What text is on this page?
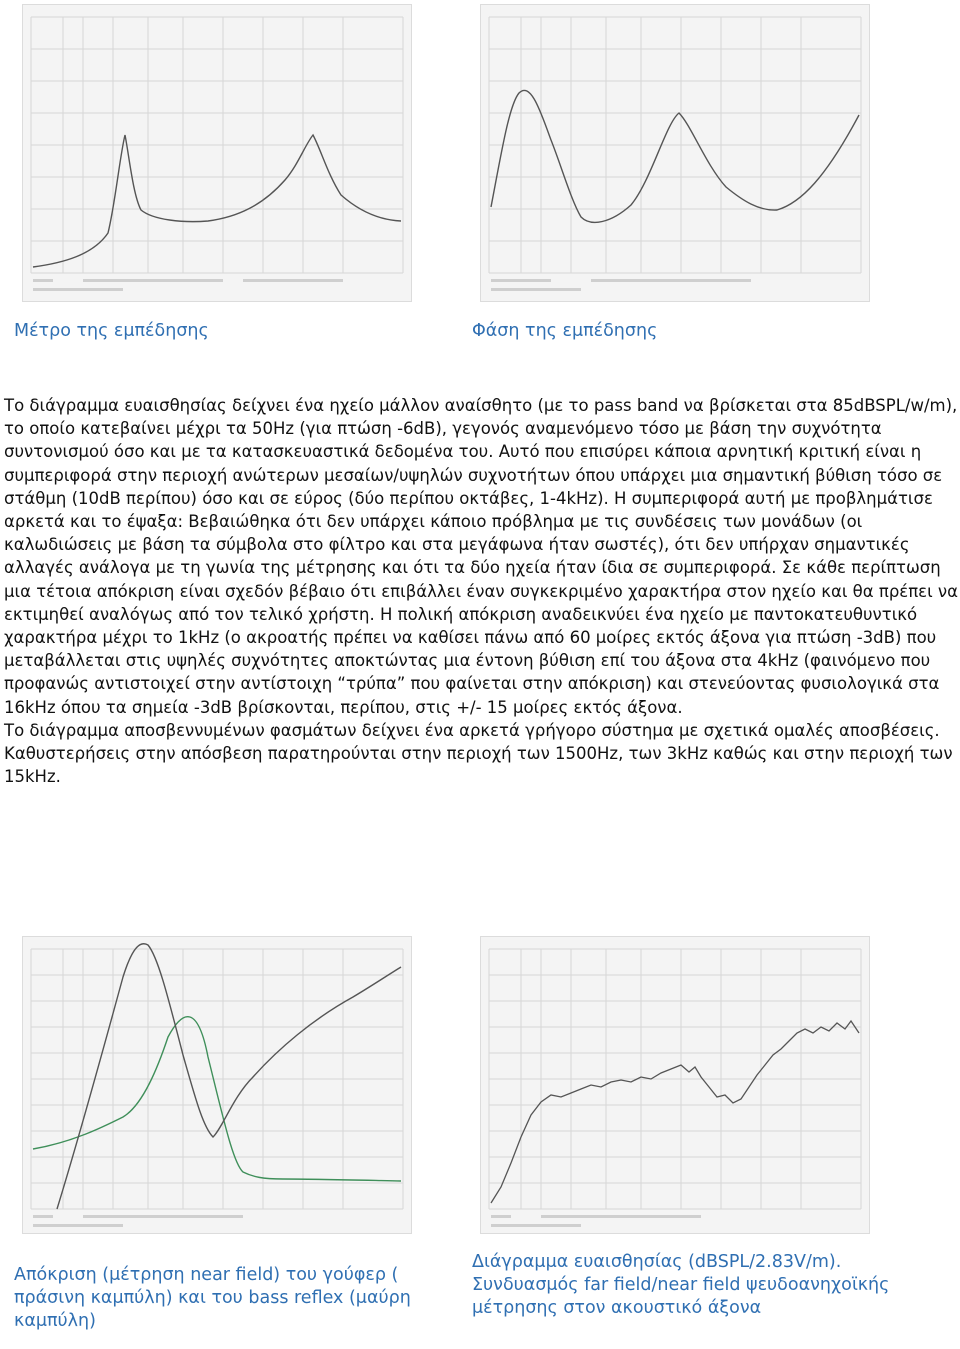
Μέτρο της εμπέδησης	Φάση της εμπέδησης

Το διάγραμμα ευαισθησίας δείχνει ένα ηχείο μάλλον αναίσθητο (με το pass band να βρίσκεται στα 85dBSPL/w/m), το οποίο κατεβαίνει μέχρι τα 50Hz (για πτώση -6dB), γεγονός αναμενόμενο τόσο με βάση την συχνότητα συντονισμού όσο και με τα κατασκευαστικά δεδομένα του. Αυτό που επισύρει κάποια αρνητική κριτική είναι η συμπεριφορά στην περιοχή ανώτερων μεσαίων/υψηλών συχνοτήτων όπου υπάρχει μια σημαντική βύθιση τόσο σε στάθμη (10dB περίπου) όσο και σε εύρος (δύο περίπου οκτάβες, 1-4kHz). Η συμπεριφορά αυτή με προβλημάτισε αρκετά και το έψαξα: Βεβαιώθηκα ότι δεν υπάρχει κάποιο πρόβλημα με τις συνδέσεις των μονάδων (οι καλωδιώσεις με βάση τα σύμβολα στο φίλτρο και στα μεγάφωνα ήταν σωστές), ότι δεν υπήρχαν σημαντικές αλλαγές ανάλογα με τη γωνία της μέτρησης και ότι τα δύο ηχεία ήταν ίδια σε συμπεριφορά. Σε κάθε περίπτωση μια τέτοια απόκριση είναι σχεδόν βέβαιο ότι επιβάλλει έναν συγκεκριμένο χαρακτήρα στον ηχείο και θα πρέπει να εκτιμηθεί αναλόγως από τον τελικό χρήστη. Η πολική απόκριση αναδεικνύει ένα ηχείο με παντοκατευθυντικό χαρακτήρα μέχρι το 1kHz (ο ακροατής πρέπει να καθίσει πάνω από 60 μοίρες εκτός άξονα για πτώση -3dB) που μεταβάλλεται στις υψηλές συχνότητες αποκτώντας μια έντονη βύθιση επί του άξονα στα 4kHz (φαινόμενο που προφανώς αντιστοιχεί στην αντίστοιχη “τρύπα” που φαίνεται στην απόκριση) και στενεύοντας φυσιολογικά στα 16kHz όπου τα σημεία -3dB βρίσκονται, περίπου, στις +/- 15 μοίρες εκτός άξονα.

Το διάγραμμα αποσβεννυμένων φασμάτων δείχνει ένα αρκετά γρήγορο σύστημα με σχετικά ομαλές αποσβέσεις. Καθυστερήσεις στην απόσβεση παρατηρούνται στην περιοχή των 1500Hz, των 3kHz καθώς και στην περιοχή των 15kHz.

Απόκριση (μέτρηση near field) του γούφερ ( πράσινη καμπύλη) και του bass reflex (μαύρη καμπύλη)

Διάγραμμα ευαισθησίας (dBSPL/2.83V/m). Συνδυασμός far field/near field ψευδοανηχοϊκής μέτρησης στον ακουστικό άξονα
